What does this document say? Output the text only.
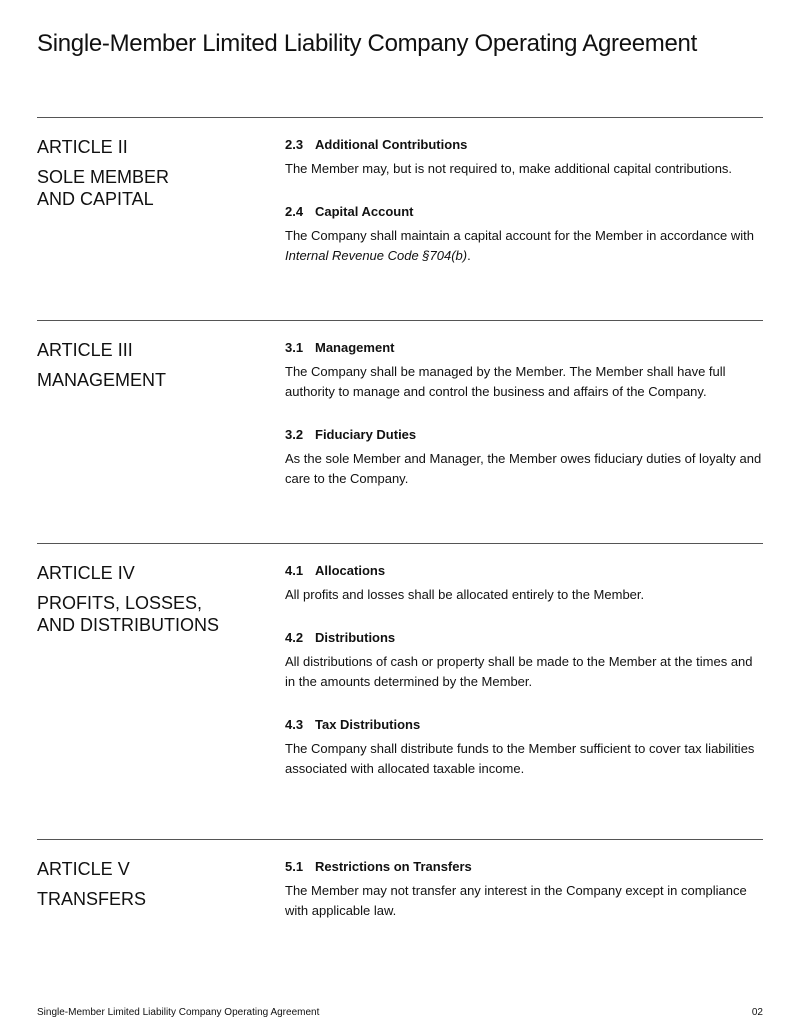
Single-Member Limited Liability Company Operating Agreement

ARTICLE II

SOLE MEMBER
AND CAPITAL

2.3 Additional Contributions

The Member may, but is not required to, make additional capital contributions.

2.4 Capital Account

The Company shall maintain a capital account for the Member in accordance with Internal Revenue Code §704(b).

ARTICLE III

MANAGEMENT

3.1 Management

The Company shall be managed by the Member. The Member shall have full authority to manage and control the business and affairs of the Company.

3.2 Fiduciary Duties

As the sole Member and Manager, the Member owes fiduciary duties of loyalty and care to the Company.

ARTICLE IV

PROFITS, LOSSES,
AND DISTRIBUTIONS

4.1 Allocations

All profits and losses shall be allocated entirely to the Member.

4.2 Distributions

All distributions of cash or property shall be made to the Member at the times and in the amounts determined by the Member.

4.3 Tax Distributions

The Company shall distribute funds to the Member sufficient to cover tax liabilities associated with allocated taxable income.

ARTICLE V

TRANSFERS

5.1 Restrictions on Transfers

The Member may not transfer any interest in the Company except in compliance with applicable law.

Single-Member Limited Liability Company Operating Agreement	02
